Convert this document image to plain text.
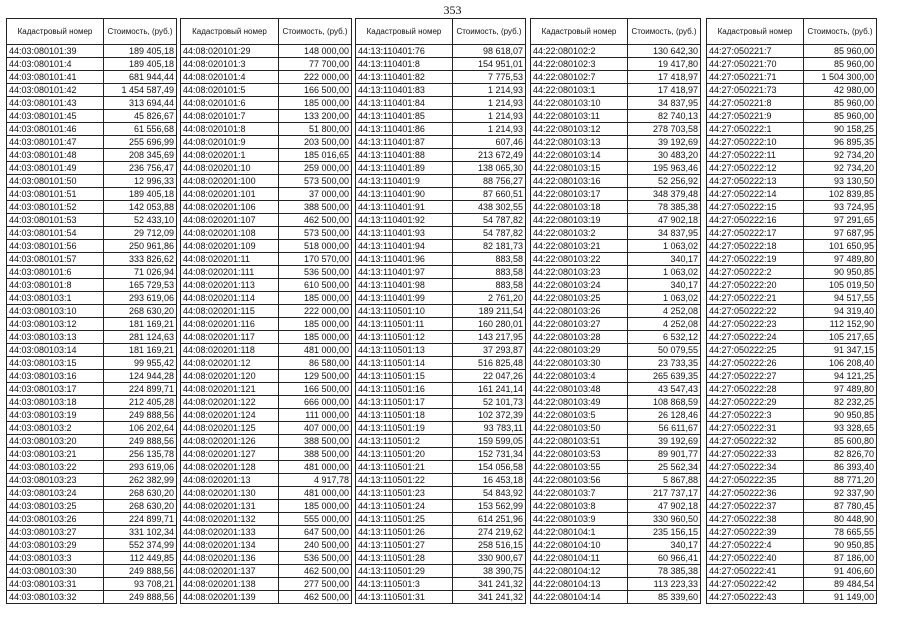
353
Кадастровый номер	Стоимость, (руб.)
44:03:080101:39	189 405,18
44:03:080101:4	189 405,18
44:03:080101:41	681 944,44
44:03:080101:42	1 454 587,49
44:03:080101:43	313 694,44
44:03:080101:45	45 826,67
44:03:080101:46	61 556,68
44:03:080101:47	255 696,99
44:03:080101:48	208 345,69
44:03:080101:49	236 756,47
44:03:080101:50	12 996,33
44:03:080101:51	189 405,18
44:03:080101:52	142 053,88
44:03:080101:53	52 433,10
44:03:080101:54	29 712,09
44:03:080101:56	250 961,86
44:03:080101:57	333 826,62
44:03:080101:6	71 026,94
44:03:080101:8	165 729,53
44:03:080103:1	293 619,06
44:03:080103:10	268 630,20
44:03:080103:12	181 169,21
44:03:080103:13	281 124,63
44:03:080103:14	181 169,21
44:03:080103:15	99 955,42
44:03:080103:16	124 944,28
44:03:080103:17	224 899,71
44:03:080103:18	212 405,28
44:03:080103:19	249 888,56
44:03:080103:2	106 202,64
44:03:080103:20	249 888,56
44:03:080103:21	256 135,78
44:03:080103:22	293 619,06
44:03:080103:23	262 382,99
44:03:080103:24	268 630,20
44:03:080103:25	268 630,20
44:03:080103:26	224 899,71
44:03:080103:27	331 102,34
44:03:080103:29	552 374,99
44:03:080103:3	112 449,85
44:03:080103:30	249 888,56
44:03:080103:31	93 708,21
44:03:080103:32	249 888,56
Кадастровый номер	Стоимость, (руб.)
44:08:020101:29	148 000,00
44:08:020101:3	77 700,00
44:08:020101:4	222 000,00
44:08:020101:5	166 500,00
44:08:020101:6	185 000,00
44:08:020101:7	133 200,00
44:08:020101:8	51 800,00
44:08:020101:9	203 500,00
44:08:020201:1	185 016,65
44:08:020201:10	259 000,00
44:08:020201:100	573 500,00
44:08:020201:101	37 000,00
44:08:020201:106	388 500,00
44:08:020201:107	462 500,00
44:08:020201:108	573 500,00
44:08:020201:109	518 000,00
44:08:020201:11	170 570,00
44:08:020201:111	536 500,00
44:08:020201:113	610 500,00
44:08:020201:114	185 000,00
44:08:020201:115	222 000,00
44:08:020201:116	185 000,00
44:08:020201:117	185 000,00
44:08:020201:118	481 000,00
44:08:020201:12	86 580,00
44:08:020201:120	129 500,00
44:08:020201:121	166 500,00
44:08:020201:122	666 000,00
44:08:020201:124	111 000,00
44:08:020201:125	407 000,00
44:08:020201:126	388 500,00
44:08:020201:127	388 500,00
44:08:020201:128	481 000,00
44:08:020201:13	4 917,78
44:08:020201:130	481 000,00
44:08:020201:131	185 000,00
44:08:020201:132	555 000,00
44:08:020201:133	647 500,00
44:08:020201:134	240 500,00
44:08:020201:136	536 500,00
44:08:020201:137	462 500,00
44:08:020201:138	277 500,00
44:08:020201:139	462 500,00
Кадастровый номер	Стоимость, (руб.)
44:13:110401:76	98 618,07
44:13:110401:8	154 951,01
44:13:110401:82	7 775,53
44:13:110401:83	1 214,93
44:13:110401:84	1 214,93
44:13:110401:85	1 214,93
44:13:110401:86	1 214,93
44:13:110401:87	607,46
44:13:110401:88	213 672,49
44:13:110401:89	138 065,30
44:13:110401:9	88 756,27
44:13:110401:90	87 660,51
44:13:110401:91	438 302,55
44:13:110401:92	54 787,82
44:13:110401:93	54 787,82
44:13:110401:94	82 181,73
44:13:110401:96	883,58
44:13:110401:97	883,58
44:13:110401:98	883,58
44:13:110401:99	2 761,20
44:13:110501:10	189 211,54
44:13:110501:11	160 280,01
44:13:110501:12	143 217,95
44:13:110501:13	37 293,87
44:13:110501:14	516 825,48
44:13:110501:15	22 047,26
44:13:110501:16	161 241,14
44:13:110501:17	52 101,73
44:13:110501:18	102 372,39
44:13:110501:19	93 783,11
44:13:110501:2	159 599,05
44:13:110501:20	152 731,34
44:13:110501:21	154 056,58
44:13:110501:22	16 453,18
44:13:110501:23	54 843,92
44:13:110501:24	153 562,99
44:13:110501:25	614 251,96
44:13:110501:26	274 219,62
44:13:110501:27	258 516,15
44:13:110501:28	330 900,67
44:13:110501:29	38 390,75
44:13:110501:3	341 241,32
44:13:110501:31	341 241,32
Кадастровый номер	Стоимость, (руб.)
44:22:080102:2	130 642,30
44:22:080102:3	19 417,80
44:22:080102:7	17 418,97
44:22:080103:1	17 418,97
44:22:080103:10	34 837,95
44:22:080103:11	82 740,13
44:22:080103:12	278 703,58
44:22:080103:13	39 192,69
44:22:080103:14	30 483,20
44:22:080103:15	195 963,46
44:22:080103:16	52 256,92
44:22:080103:17	348 379,48
44:22:080103:18	78 385,38
44:22:080103:19	47 902,18
44:22:080103:2	34 837,95
44:22:080103:21	1 063,02
44:22:080103:22	340,17
44:22:080103:23	1 063,02
44:22:080103:24	340,17
44:22:080103:25	1 063,02
44:22:080103:26	4 252,08
44:22:080103:27	4 252,08
44:22:080103:28	6 532,12
44:22:080103:29	50 079,55
44:22:080103:30	23 733,35
44:22:080103:4	265 639,35
44:22:080103:48	43 547,43
44:22:080103:49	108 868,59
44:22:080103:5	26 128,46
44:22:080103:50	56 611,67
44:22:080103:51	39 192,69
44:22:080103:53	89 901,77
44:22:080103:55	25 562,34
44:22:080103:56	5 867,88
44:22:080103:7	217 737,17
44:22:080103:8	47 902,18
44:22:080103:9	330 960,50
44:22:080104:1	235 156,15
44:22:080104:10	340,17
44:22:080104:11	60 966,41
44:22:080104:12	78 385,38
44:22:080104:13	113 223,33
44:22:080104:14	85 339,60
Кадастровый номер	Стоимость, (руб.)
44:27:050221:7	85 960,00
44:27:050221:70	85 960,00
44:27:050221:71	1 504 300,00
44:27:050221:73	42 980,00
44:27:050221:8	85 960,00
44:27:050221:9	85 960,00
44:27:050222:1	90 158,25
44:27:050222:10	96 895,35
44:27:050222:11	92 734,20
44:27:050222:12	92 734,20
44:27:050222:13	93 130,50
44:27:050222:14	102 839,85
44:27:050222:15	93 724,95
44:27:050222:16	97 291,65
44:27:050222:17	97 687,95
44:27:050222:18	101 650,95
44:27:050222:19	97 489,80
44:27:050222:2	90 950,85
44:27:050222:20	105 019,50
44:27:050222:21	94 517,55
44:27:050222:22	94 319,40
44:27:050222:23	112 152,90
44:27:050222:24	105 217,65
44:27:050222:25	91 347,15
44:27:050222:26	106 208,40
44:27:050222:27	94 121,25
44:27:050222:28	97 489,80
44:27:050222:29	82 232,25
44:27:050222:3	90 950,85
44:27:050222:31	93 328,65
44:27:050222:32	85 600,80
44:27:050222:33	82 826,70
44:27:050222:34	86 393,40
44:27:050222:35	88 771,20
44:27:050222:36	92 337,90
44:27:050222:37	87 780,45
44:27:050222:38	80 448,90
44:27:050222:39	78 665,55
44:27:050222:4	90 950,85
44:27:050222:40	87 186,00
44:27:050222:41	91 406,60
44:27:050222:42	89 484,54
44:27:050222:43	91 149,00
